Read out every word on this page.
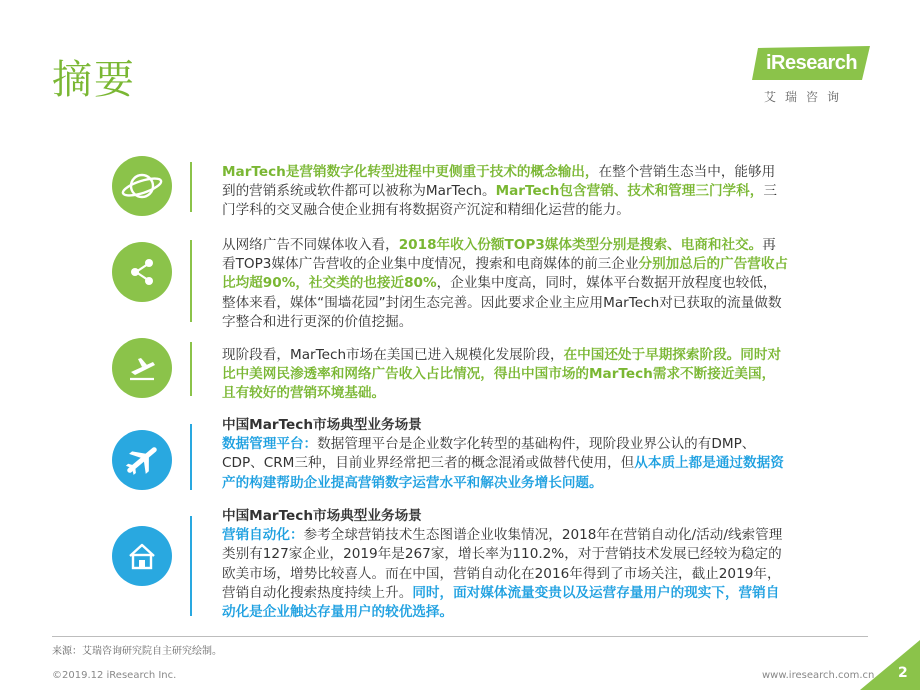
摘要	iResearch
艾瑞咨询
MarTech是营销数字化转型进程中更侧重于技术的概念输出，在整个营销生态当中，能够用到的营销系统或软件都可以被称为MarTech。MarTech包含营销、技术和管理三门学科，三门学科的交叉融合使企业拥有将数据资产沉淀和精细化运营的能力。
从网络广告不同媒体收入看，2018年收入份额TOP3媒体类型分别是搜索、电商和社交。再看TOP3媒体广告营收的企业集中度情况，搜索和电商媒体的前三企业分别加总后的广告营收占比均超90%，社交类的也接近80%，企业集中度高，同时，媒体平台数据开放程度也较低，整体来看，媒体“围墙花园”封闭生态完善。因此要求企业主应用MarTech对已获取的流量做数字整合和进行更深的价值挖掘。
现阶段看，MarTech市场在美国已进入规模化发展阶段，在中国还处于早期探索阶段。同时对比中美网民渗透率和网络广告收入占比情况，得出中国市场的MarTech需求不断接近美国，且有较好的营销环境基础。
中国MarTech市场典型业务场景
数据管理平台：数据管理平台是企业数字化转型的基础构件，现阶段业界公认的有DMP、CDP、CRM三种，目前业界经常把三者的概念混淆或做替代使用，但从本质上都是通过数据资产的构建帮助企业提高营销数字运营水平和解决业务增长问题。
中国MarTech市场典型业务场景
营销自动化：参考全球营销技术生态图谱企业收集情况，2018年在营销自动化/活动/线索管理类别有127家企业，2019年是267家，增长率为110.2%，对于营销技术发展已经较为稳定的欧美市场，增势比较喜人。而在中国，营销自动化在2016年得到了市场关注，截止2019年，营销自动化搜索热度持续上升。同时，面对媒体流量变贵以及运营存量用户的现实下，营销自动化是企业触达存量用户的较优选择。
来源：艾瑞咨询研究院自主研究绘制。
©2019.12 iResearch Inc.	www.iresearch.com.cn 2
